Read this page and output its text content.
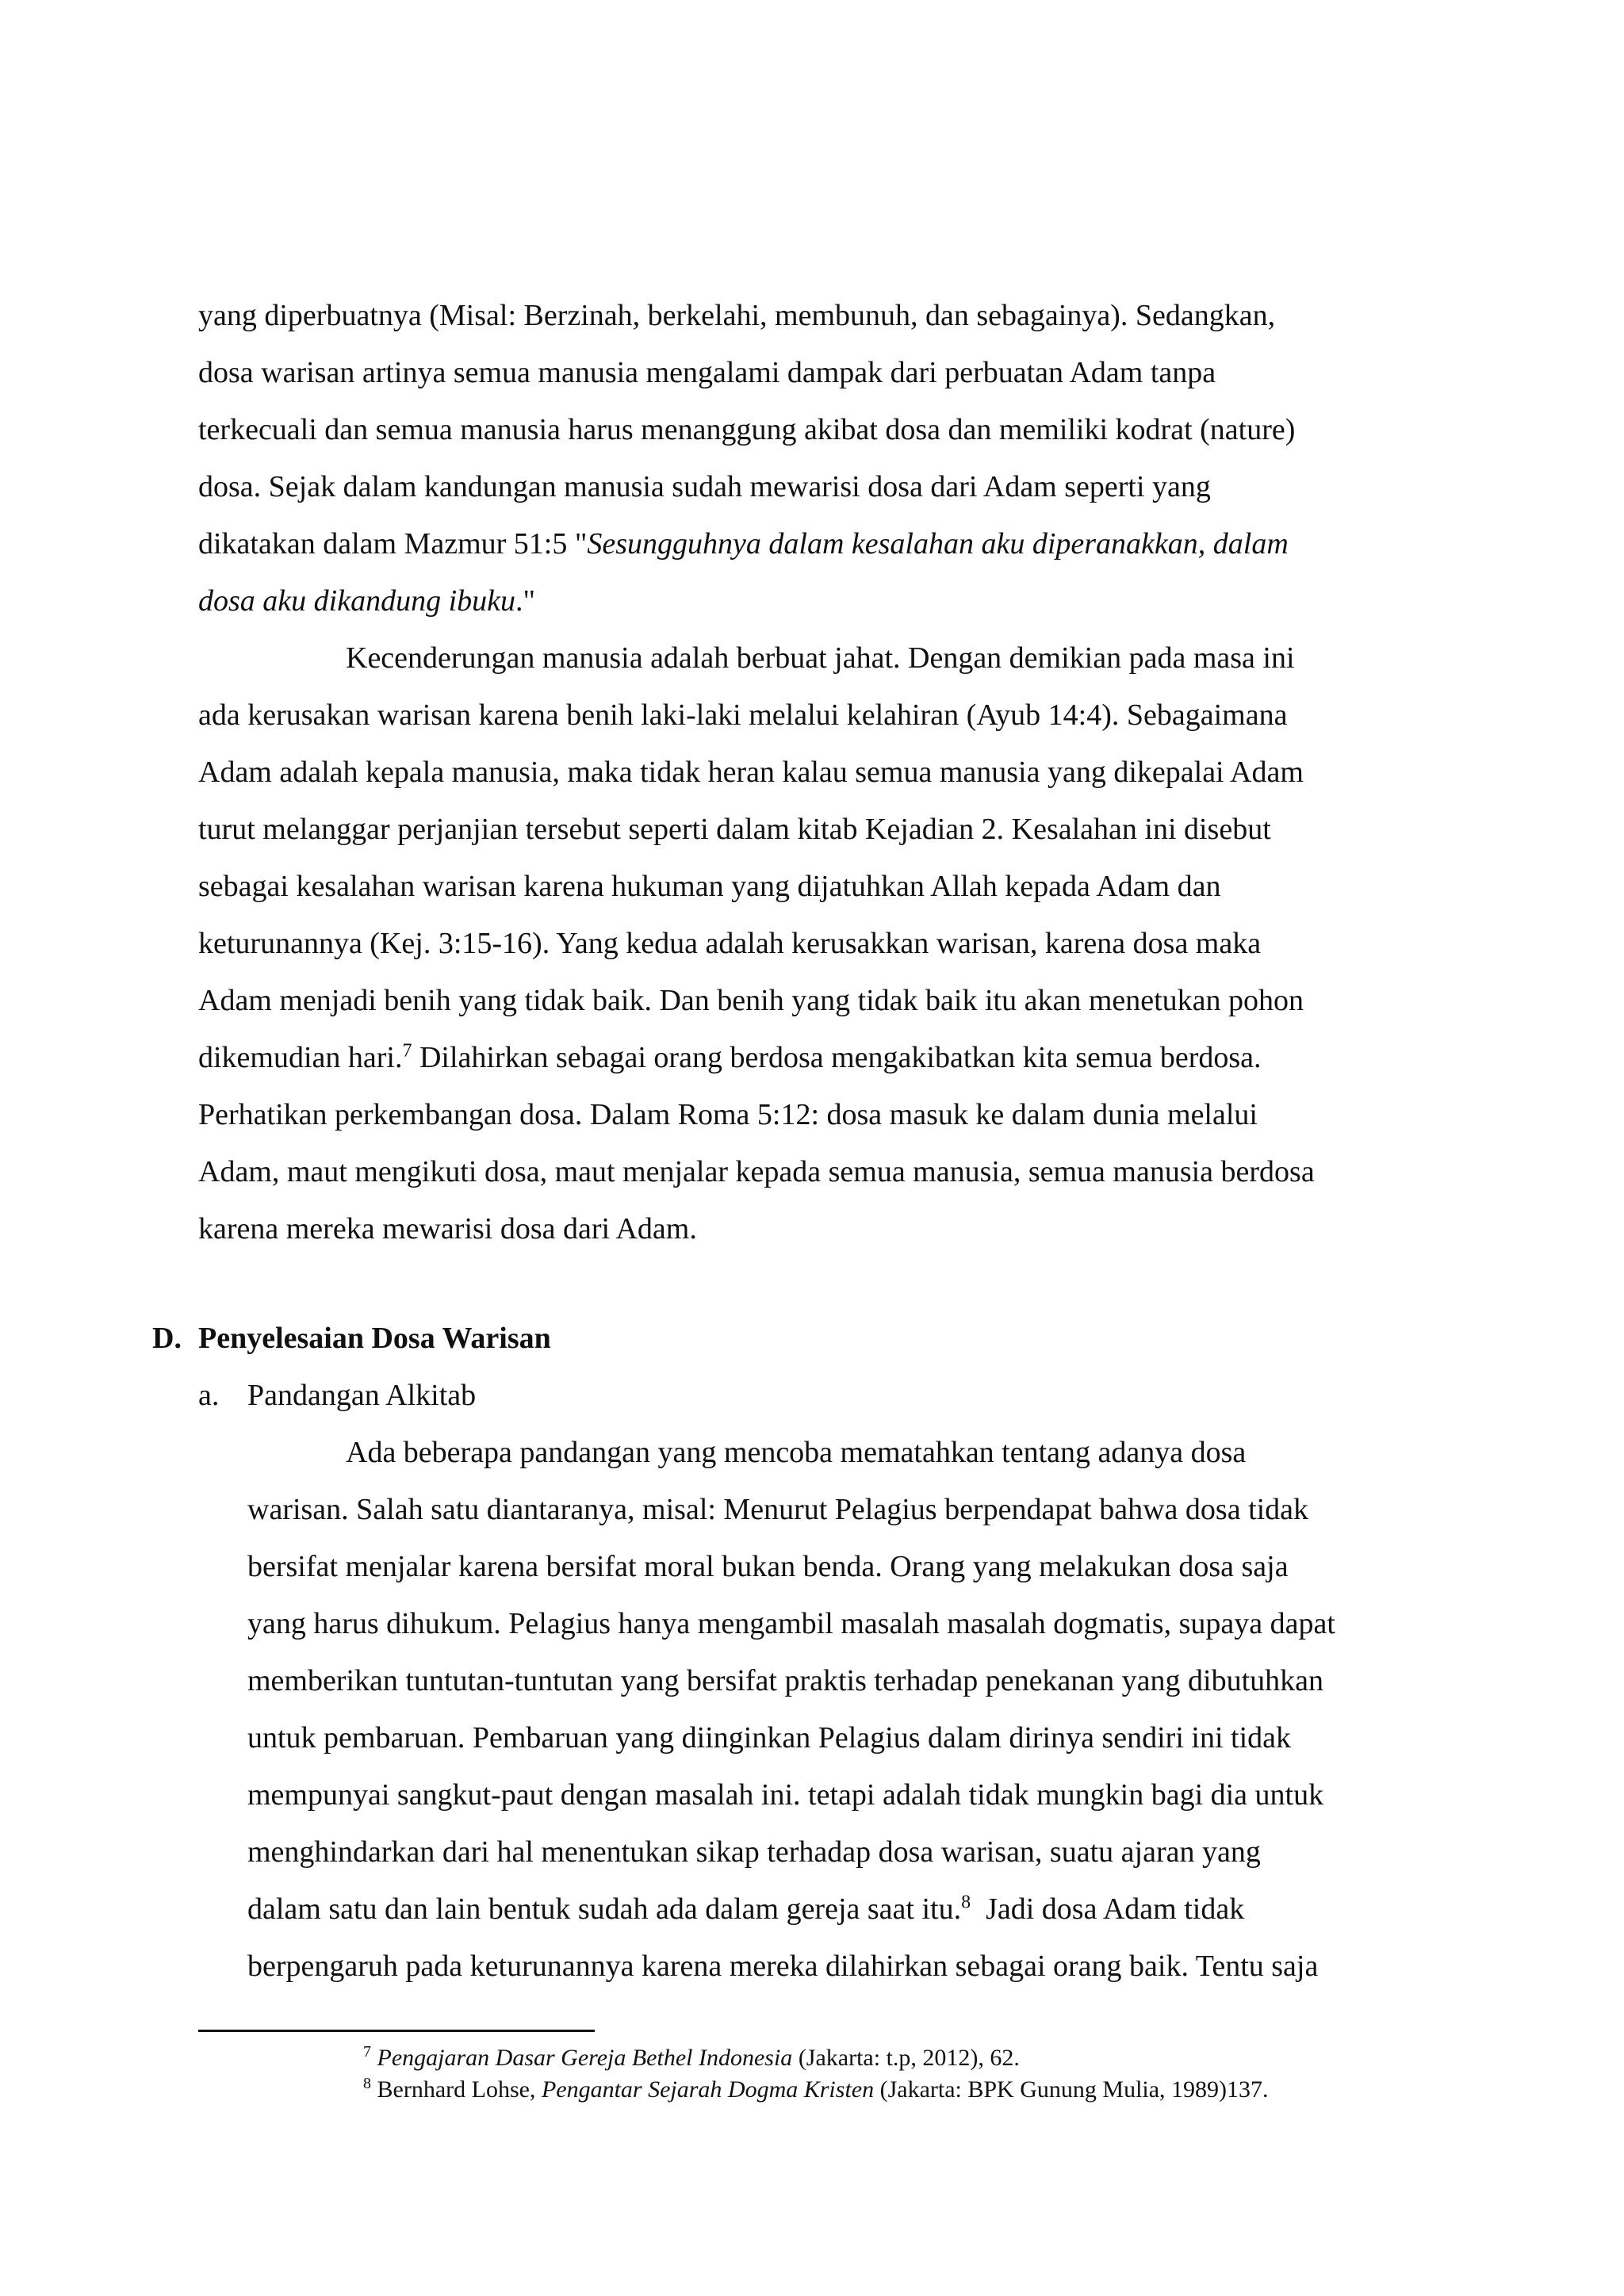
yang diperbuatnya (Misal: Berzinah, berkelahi, membunuh, dan sebagainya). Sedangkan,

dosa warisan artinya semua manusia mengalami dampak dari perbuatan Adam tanpa

terkecuali dan semua manusia harus menanggung akibat dosa dan memiliki kodrat (nature)

dosa. Sejak dalam kandungan manusia sudah mewarisi dosa dari Adam seperti yang

dikatakan dalam Mazmur 51:5 "Sesungguhnya dalam kesalahan aku diperanakkan, dalam

dosa aku dikandung ibuku."

Kecenderungan manusia adalah berbuat jahat. Dengan demikian pada masa ini

ada kerusakan warisan karena benih laki-laki melalui kelahiran (Ayub 14:4). Sebagaimana

Adam adalah kepala manusia, maka tidak heran kalau semua manusia yang dikepalai Adam

turut melanggar perjanjian tersebut seperti dalam kitab Kejadian 2. Kesalahan ini disebut

sebagai kesalahan warisan karena hukuman yang dijatuhkan Allah kepada Adam dan

keturunannya (Kej. 3:15-16). Yang kedua adalah kerusakkan warisan, karena dosa maka

Adam menjadi benih yang tidak baik. Dan benih yang tidak baik itu akan menetukan pohon

dikemudian hari.$^7$ Dilahirkan sebagai orang berdosa mengakibatkan kita semua berdosa.

Perhatikan perkembangan dosa. Dalam Roma 5:12: dosa masuk ke dalam dunia melalui

Adam, maut mengikuti dosa, maut menjalar kepada semua manusia, semua manusia berdosa

karena mereka mewarisi dosa dari Adam.

D. Penyelesaian Dosa Warisan

a. Pandangan Alkitab

Ada beberapa pandangan yang mencoba mematahkan tentang adanya dosa

warisan. Salah satu diantaranya, misal: Menurut Pelagius berpendapat bahwa dosa tidak

bersifat menjalar karena bersifat moral bukan benda. Orang yang melakukan dosa saja

yang harus dihukum. Pelagius hanya mengambil masalah masalah dogmatis, supaya dapat

memberikan tuntutan-tuntutan yang bersifat praktis terhadap penekanan yang dibutuhkan

untuk pembaruan. Pembaruan yang diinginkan Pelagius dalam dirinya sendiri ini tidak

mempunyai sangkut-paut dengan masalah ini. tetapi adalah tidak mungkin bagi dia untuk

menghindarkan dari hal menentukan sikap terhadap dosa warisan, suatu ajaran yang

dalam satu dan lain bentuk sudah ada dalam gereja saat itu.$^8$  Jadi dosa Adam tidak

berpengaruh pada keturunannya karena mereka dilahirkan sebagai orang baik. Tentu saja

$^7$ Pengajaran Dasar Gereja Bethel Indonesia (Jakarta: t.p, 2012), 62.

$^8$ Bernhard Lohse, Pengantar Sejarah Dogma Kristen (Jakarta: BPK Gunung Mulia, 1989)137.
